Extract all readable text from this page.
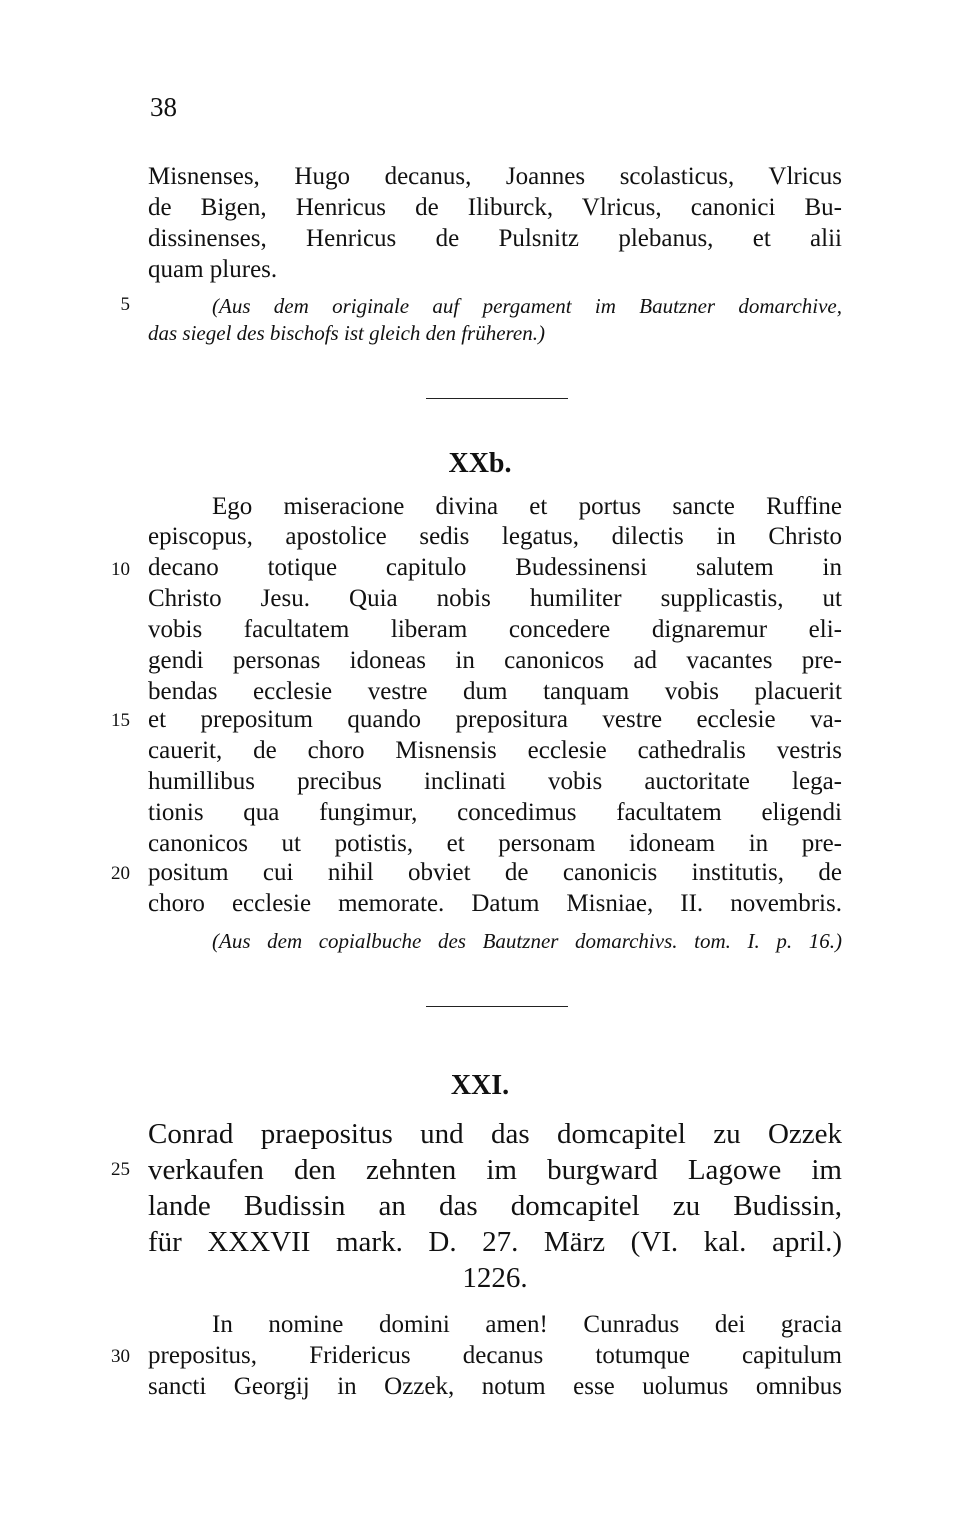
38
Misnenses, Hugo decanus, Joannes scolasticus, Vlricus
de Bigen, Henricus de Iliburck, Vlricus, canonici Bu-
dissinenses, Henricus de Pulsnitz plebanus, et alii
quam plures.
5	(Aus dem originale auf pergament im Bautzner domarchive,
das siegel des bischofs ist gleich den früheren.)
XXb.
Ego miseracione divina et portus sancte Ruffine
episcopus, apostolice sedis legatus, dilectis in Christo
10 decano totique capitulo Budessinensi salutem in
Christo Jesu. Quia nobis humiliter supplicastis, ut
vobis facultatem liberam concedere dignaremur eli-
gendi personas idoneas in canonicos ad vacantes pre-
bendas ecclesie vestre dum tanquam vobis placuerit
15 et prepositum quando prepositura vestre ecclesie va-
cauerit, de choro Misnensis ecclesie cathedralis vestris
humillibus precibus inclinati vobis auctoritate lega-
tionis qua fungimur, concedimus facultatem eligendi
canonicos ut potistis, et personam idoneam in pre-
20 positum cui nihil obviet de canonicis institutis, de
choro ecclesie memorate. Datum Misniae, II. novembris.
(Aus dem copialbuche des Bautzner domarchivs. tom. I. p. 16.)
XXI.
Conrad praepositus und das domcapitel zu Ozzek
25 verkaufen den zehnten im burgward Lagowe im
lande Budissin an das domcapitel zu Budissin,
für XXXVII mark. D. 27. März (VI. kal. april.)
1226.
In nomine domini amen! Cunradus dei gracia
30 prepositus, Fridericus decanus totumque capitulum
sancti Georgij in Ozzek, notum esse uolumus omnibus
